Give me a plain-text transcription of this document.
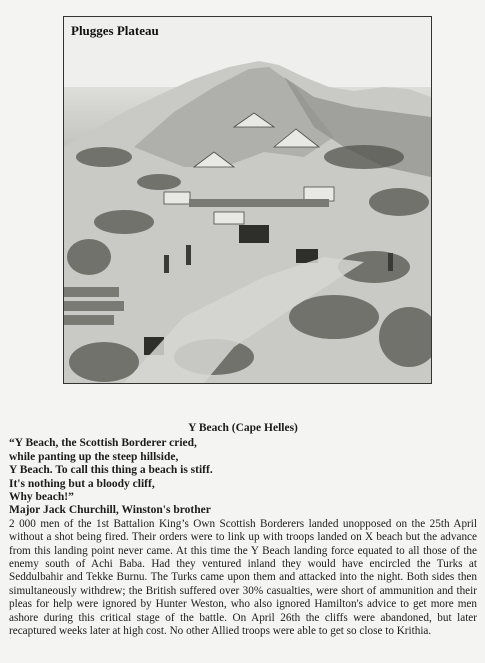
Plugges Plateau
Y Beach (Cape Helles)
“Y Beach, the Scottish Borderer cried,
while panting up the steep hillside,
Y Beach. To call this thing a beach is stiff.
It's nothing but a bloody cliff,
Why beach!”
Major Jack Churchill, Winston's brother

2 000 men of the 1st Battalion King’s Own Scottish Borderers landed unopposed on the 25th April without a shot being fired. Their orders were to link up with troops landed on X beach but the advance from this landing point never came. At this time the Y Beach landing force equated to all those of the enemy south of Achi Baba. Had they ventured inland they would have encircled the Turks at Seddulbahir and Tekke Burnu. The Turks came upon them and attacked into the night. Both sides then simultaneously withdrew; the British suffered over 30% casualties, were short of ammunition and their pleas for help were ignored by Hunter Weston, who also ignored Hamilton's advice to get more men ashore during this critical stage of the battle. On April 26th the cliffs were abandoned, but later recaptured weeks later at high cost. No other Allied troops were able to get so close to Krithia.
